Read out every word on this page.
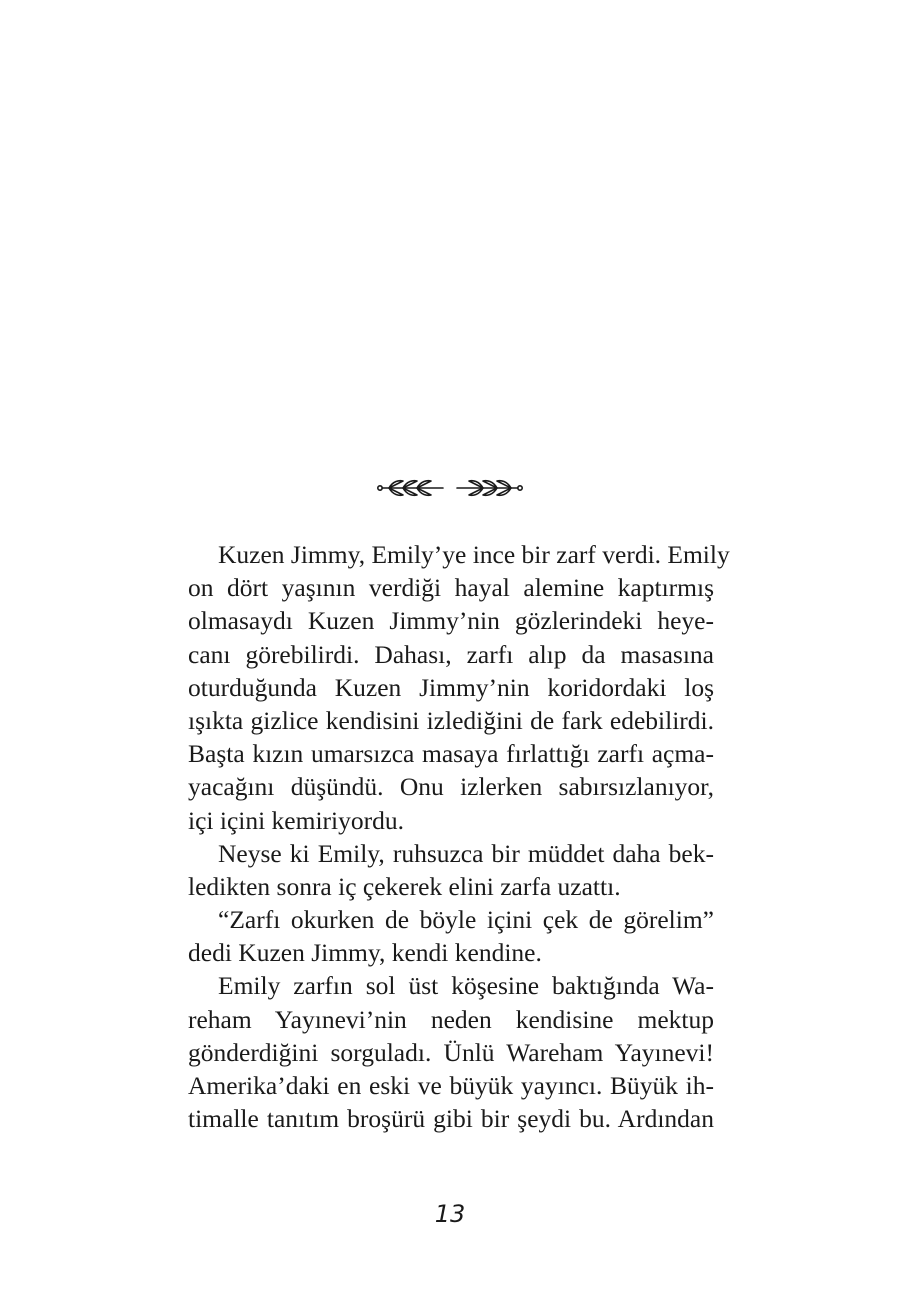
Kuzen Jimmy, Emily’ye ince bir zarf verdi. Emily
on dört yaşının verdiği hayal alemine kaptırmış
olmasaydı Kuzen Jimmy’nin gözlerindeki heye-
canı görebilirdi. Dahası, zarfı alıp da masasına
oturduğunda Kuzen Jimmy’nin koridordaki loş
ışıkta gizlice kendisini izlediğini de fark edebilirdi.
Başta kızın umarsızca masaya fırlattığı zarfı açma-
yacağını düşündü. Onu izlerken sabırsızlanıyor,
içi içini kemiriyordu.
Neyse ki Emily, ruhsuzca bir müddet daha bek-
ledikten sonra iç çekerek elini zarfa uzattı.
“Zarfı okurken de böyle içini çek de görelim”
dedi Kuzen Jimmy, kendi kendine.
Emily zarfın sol üst köşesine baktığında Wa-
reham Yayınevi’nin neden kendisine mektup
gönderdiğini sorguladı. Ünlü Wareham Yayınevi!
Amerika’daki en eski ve büyük yayıncı. Büyük ih-
timalle tanıtım broşürü gibi bir şeydi bu. Ardından
13
